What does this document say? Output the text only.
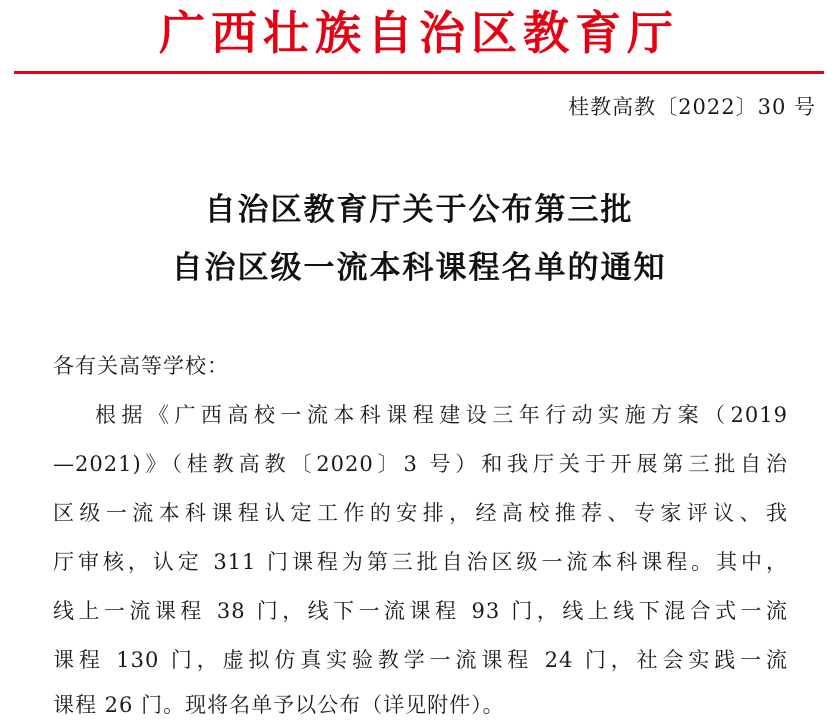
广西壮族自治区教育厅
桂教高教〔2022〕30 号
自治区教育厅关于公布第三批
自治区级一流本科课程名单的通知
各有关高等学校：
根据《广西高校一流本科课程建设三年行动实施方案（2019
—2021)》（桂教高教〔2020〕3 号）和我厅关于开展第三批自治
区级一流本科课程认定工作的安排，经高校推荐、专家评议、我
厅审核，认定 311 门课程为第三批自治区级一流本科课程。其中，
线上一流课程 38 门，线下一流课程 93 门，线上线下混合式一流
课程 130 门，虚拟仿真实验教学一流课程 24 门，社会实践一流
课程 26 门。现将名单予以公布（详见附件）。
